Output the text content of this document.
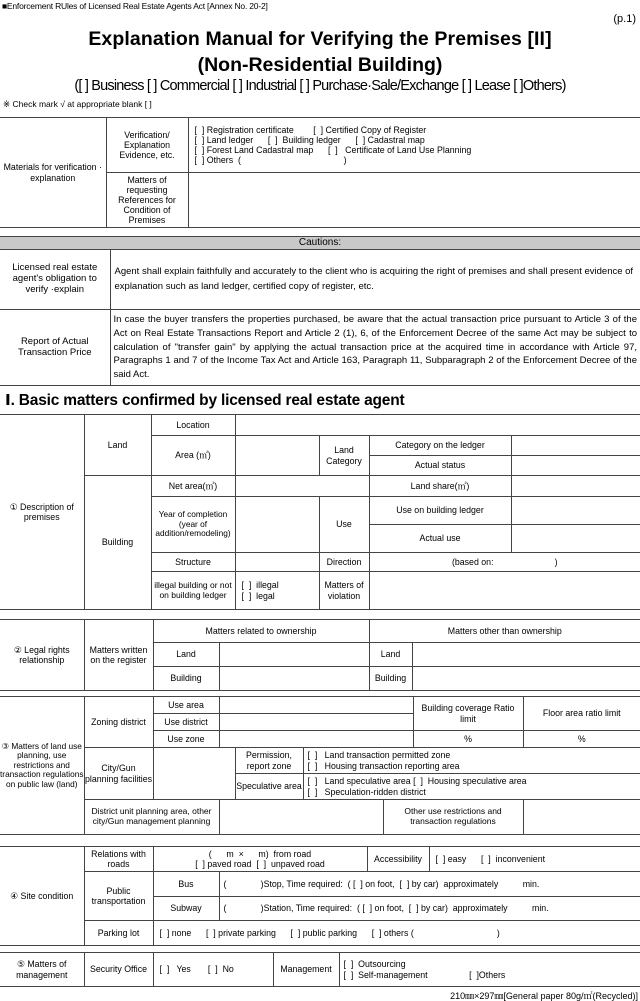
■Enforcement RUles of Licensed Real Estate Agents Act [Annex No. 20-2]
(p.1)
Explanation Manual for Verifying the Premises [II]
(Non-Residential Building)
([ ] Business [ ] Commercial [ ] Industrial [ ] Purchase·Sale/Exchange [ ] Lease [ ]Others)
※ Check mark √ at appropriate blank [ ]
Materials for verification · explanation	Verification/ Explanation Evidence, etc.	[  ] Registration certificate        [  ] Certified Copy of Register
[  ] Land ledger      [  ]  Building ledger      [  ] Cadastral map
[  ] Forest Land Cadastral map      [  ]   Certificate of Land Use Planning
[  ] Others  (                                          )

	Matters of requesting References for Condition of Premises	
Cautions:	
Licensed real estate agent's obligation to verify ·explain	Agent shall explain faithfully and accurately to the client who is acquiring the right of premises and shall present evidence of explanation such as land ledger, certified copy of register, etc.
Report of Actual Transaction Price	In case the buyer transfers the properties purchased, be aware that the actual transaction price pursuant to Article 3 of the Act on Real Estate Transactions Report and Article 2 (1), 6, of the Enforcement Decree of the same Act may be subject to calculation of "transfer gain" by applying the actual transaction price at the acquired time in accordance with Article 97, Paragraphs 1 and 7 of the Income Tax Act and Article 163, Paragraph 11, Subparagraph 2 of the Enforcement Decree of the said Act.
Ⅰ. Basic matters confirmed by licensed real estate agent
① Description of premises	Land	Location				
		Area (㎡)		Land Category	Category on the ledger	
					Actual status	
	Building	Net area(㎡)			Land share(㎡)	
		Year of completion (year of addition/remodeling)		Use	Use on building ledger	
					Actual use	
		Structure		Direction	(based on:                         )	
		illegal building or not on building ledger	[  ]  illegal
[  ]  legal	Matters of violation		
② Legal rights relationship	Matters written on the register	Matters related to ownership		Matters other than ownership	
		Land		Land	
		Building		Building	
③ Matters of land use planning, use restrictions and transaction regulations on public law (land)	Zoning district	Use area					Building coverage Ratio limit	Floor area ratio limit
		Use district						
		Use zone					%	%
	City/Gun planning facilities			Permission, report zone	[  ]   Land transaction permitted zone
[  ]   Housing transaction reporting area			
				Speculative area	[  ]   Land speculative area [  ]  Housing speculative area
[  ]   Speculation-ridden district			
	District unit planning area, other city/Gun management planning					Other use restrictions and transaction regulations		
④ Site condition	Relations with roads	(      m  ×      m)  from road
[  ] paved road  [  ]  unpaved road		Accessibility	[  ] easy      [  ]  inconvenient
	Public transportation	Bus	(              )Stop, Time required:  ( [  ] on foot,  [  ] by car)  approximately          min.		
		Subway	(              )Station, Time required:  ( [  ] on foot,  [  ] by car)  approximately          min.		
	Parking lot	[  ] none      [  ] private parking      [  ] public parking      [  ] others (                                  )			
⑤ Matters of management	Security Office	[  ]   Yes       [  ]  No	Management	[  ]  Outsourcing
[  ]  Self-management                 [  ]Others
210㎜×297㎜[General paper 80g/㎡(Recycled)]
